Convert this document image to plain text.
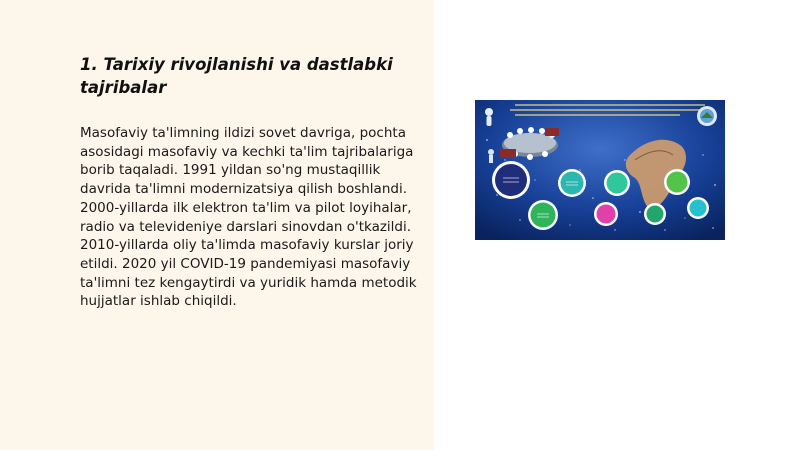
1. Tarixiy rivojlanishi va dastlabki tajribalar

Masofaviy ta'limning ildizi sovet davriga, pochta asosidagi masofaviy va kechki ta'lim tajribalariga borib taqaladi. 1991 yildan so'ng mustaqillik davrida ta'limni modernizatsiya qilish boshlandi. 2000-yillarda ilk elektron ta'lim va pilot loyihalar, radio va televideniye darslari sinovdan o'tkazildi. 2010-yillarda oliy ta'limda masofaviy kurslar joriy etildi. 2020 yil COVID-19 pandemiyasi masofaviy ta'limni tez kengaytirdi va yuridik hamda metodik hujjatlar ishlab chiqildi.
